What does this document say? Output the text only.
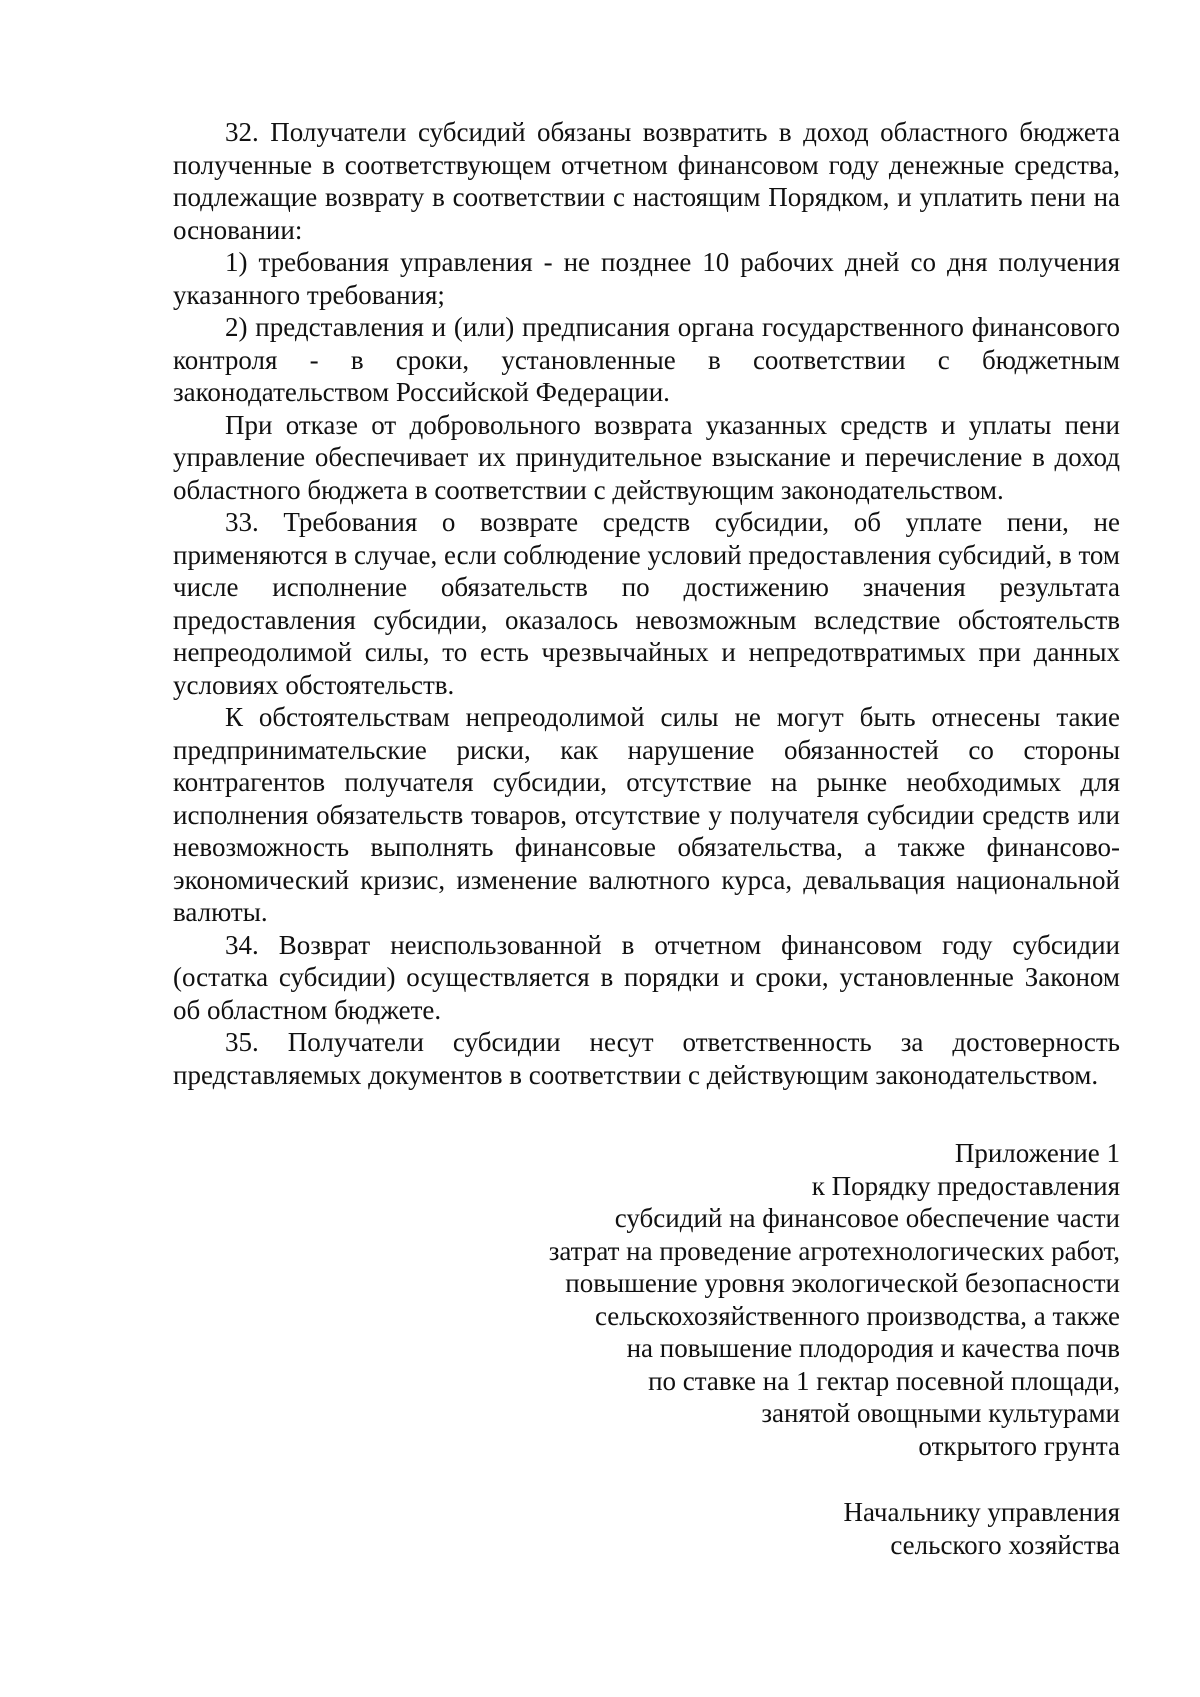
32. Получатели субсидий обязаны возвратить в доход областного бюджета полученные в соответствующем отчетном финансовом году денежные средства, подлежащие возврату в соответствии с настоящим Порядком, и уплатить пени на основании:

1) требования управления - не позднее 10 рабочих дней со дня получения указанного требования;

2) представления и (или) предписания органа государственного финансового контроля - в сроки, установленные в соответствии с бюджетным законодательством Российской Федерации.

При отказе от добровольного возврата указанных средств и уплаты пени управление обеспечивает их принудительное взыскание и перечисление в доход областного бюджета в соответствии с действующим законодательством.

33. Требования о возврате средств субсидии, об уплате пени, не применяются в случае, если соблюдение условий предоставления субсидий, в том числе исполнение обязательств по достижению значения результата предоставления субсидии, оказалось невозможным вследствие обстоятельств непреодолимой силы, то есть чрезвычайных и непредотвратимых при данных условиях обстоятельств.

К обстоятельствам непреодолимой силы не могут быть отнесены такие предпринимательские риски, как нарушение обязанностей со стороны контрагентов получателя субсидии, отсутствие на рынке необходимых для исполнения обязательств товаров, отсутствие у получателя субсидии средств или невозможность выполнять финансовые обязательства, а также финансово-экономический кризис, изменение валютного курса, девальвация национальной валюты.

34. Возврат неиспользованной в отчетном финансовом году субсидии (остатка субсидии) осуществляется в порядки и сроки, установленные Законом об областном бюджете.

35. Получатели субсидии несут ответственность за достоверность представляемых документов в соответствии с действующим законодательством.

Приложение 1
к Порядку предоставления
субсидий на финансовое обеспечение части
затрат на проведение агротехнологических работ,
повышение уровня экологической безопасности
сельскохозяйственного производства, а также
на повышение плодородия и качества почв
по ставке на 1 гектар посевной площади,
занятой овощными культурами
открытого грунта
Начальнику управления
сельского хозяйства
